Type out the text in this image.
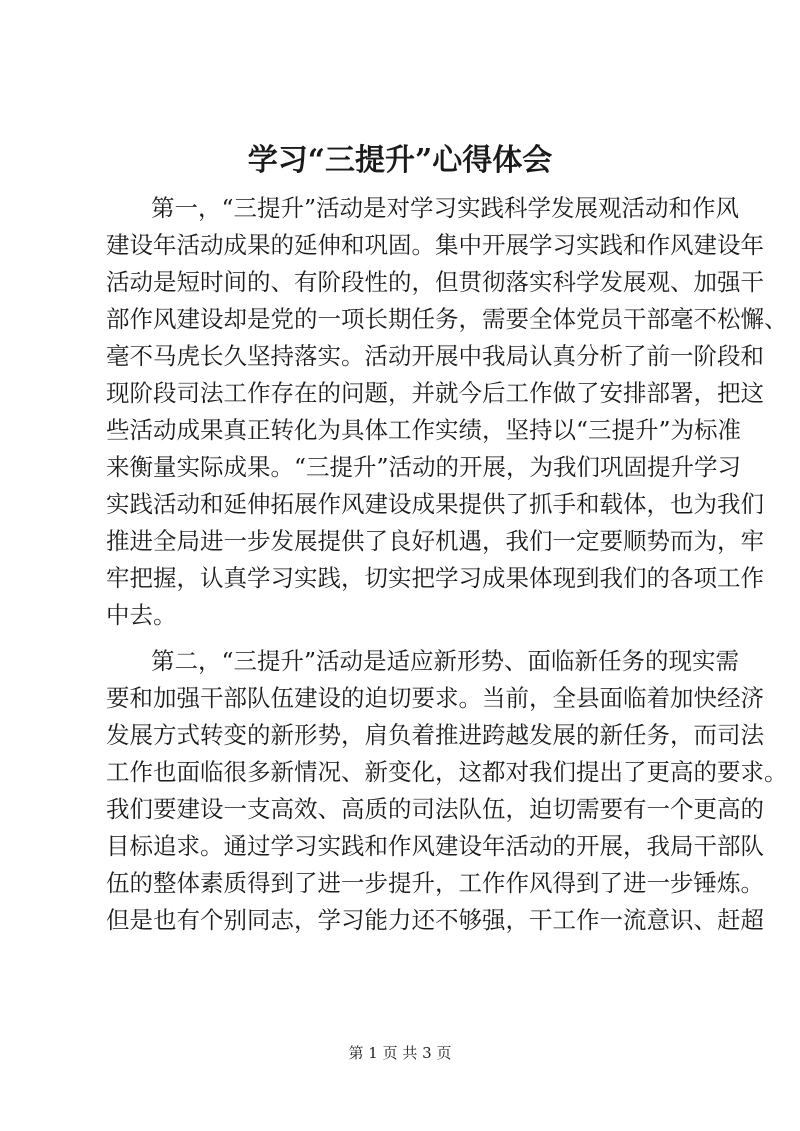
学习“三提升”心得体会

第一，“三提升”活动是对学习实践科学发展观活动和作风

建设年活动成果的延伸和巩固。集中开展学习实践和作风建设年

活动是短时间的、有阶段性的，但贯彻落实科学发展观、加强干

部作风建设却是党的一项长期任务，需要全体党员干部毫不松懈、

毫不马虎长久坚持落实。活动开展中我局认真分析了前一阶段和

现阶段司法工作存在的问题，并就今后工作做了安排部署，把这

些活动成果真正转化为具体工作实绩，坚持以“三提升”为标准

来衡量实际成果。“三提升”活动的开展，为我们巩固提升学习

实践活动和延伸拓展作风建设成果提供了抓手和载体，也为我们

推进全局进一步发展提供了良好机遇，我们一定要顺势而为，牢

牢把握，认真学习实践，切实把学习成果体现到我们的各项工作

中去。

第二，“三提升”活动是适应新形势、面临新任务的现实需

要和加强干部队伍建设的迫切要求。当前，全县面临着加快经济

发展方式转变的新形势，肩负着推进跨越发展的新任务，而司法

工作也面临很多新情况、新变化，这都对我们提出了更高的要求。

我们要建设一支高效、高质的司法队伍，迫切需要有一个更高的

目标追求。通过学习实践和作风建设年活动的开展，我局干部队

伍的整体素质得到了进一步提升，工作作风得到了进一步锤炼。

但是也有个别同志，学习能力还不够强，干工作一流意识、赶超

第 1 页 共 3 页
